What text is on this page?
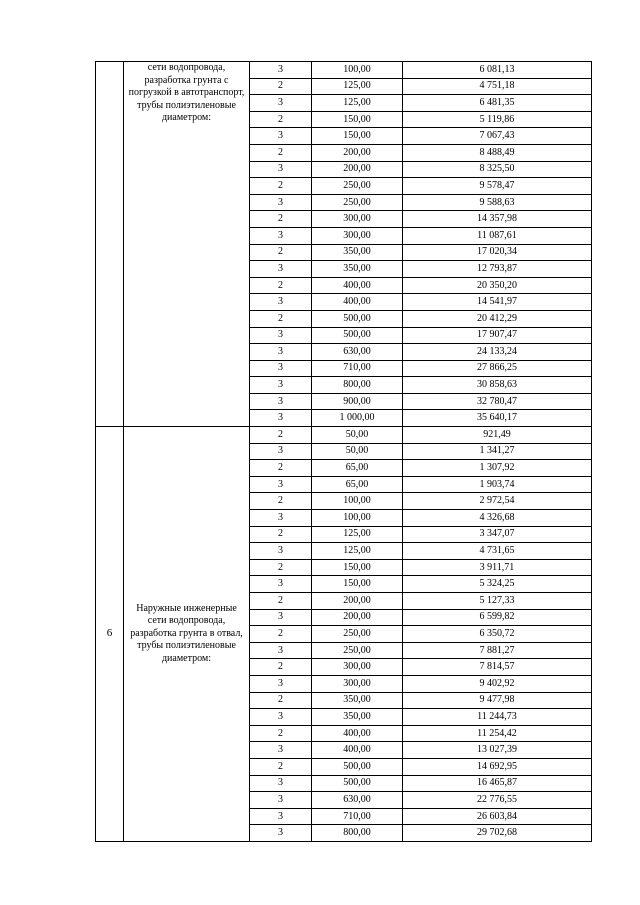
	сети водопровода, разработка грунта с погрузкой в автотранспорт, трубы полиэтиленовые диаметром:	3	100,00	6 081,13
		2	125,00	4 751,18
		3	125,00	6 481,35
		2	150,00	5 119,86
		3	150,00	7 067,43
		2	200,00	8 488,49
		3	200,00	8 325,50
		2	250,00	9 578,47
		3	250,00	9 588,63
		2	300,00	14 357,98
		3	300,00	11 087,61
		2	350,00	17 020,34
		3	350,00	12 793,87
		2	400,00	20 350,20
		3	400,00	14 541,97
		2	500,00	20 412,29
		3	500,00	17 907,47
		3	630,00	24 133,24
		3	710,00	27 866,25
		3	800,00	30 858,63
		3	900,00	32 780,47
		3	1 000,00	35 640,17
6	Наружные инженерные сети водопровода, разработка грунта в отвал, трубы полиэтиленовые диаметром:	2	50,00	921,49
		3	50,00	1 341,27
		2	65,00	1 307,92
		3	65,00	1 903,74
		2	100,00	2 972,54
		3	100,00	4 326,68
		2	125,00	3 347,07
		3	125,00	4 731,65
		2	150,00	3 911,71
		3	150,00	5 324,25
		2	200,00	5 127,33
		3	200,00	6 599,82
		2	250,00	6 350,72
		3	250,00	7 881,27
		2	300,00	7 814,57
		3	300,00	9 402,92
		2	350,00	9 477,98
		3	350,00	11 244,73
		2	400,00	11 254,42
		3	400,00	13 027,39
		2	500,00	14 692,95
		3	500,00	16 465,87
		3	630,00	22 776,55
		3	710,00	26 603,84
		3	800,00	29 702,68
